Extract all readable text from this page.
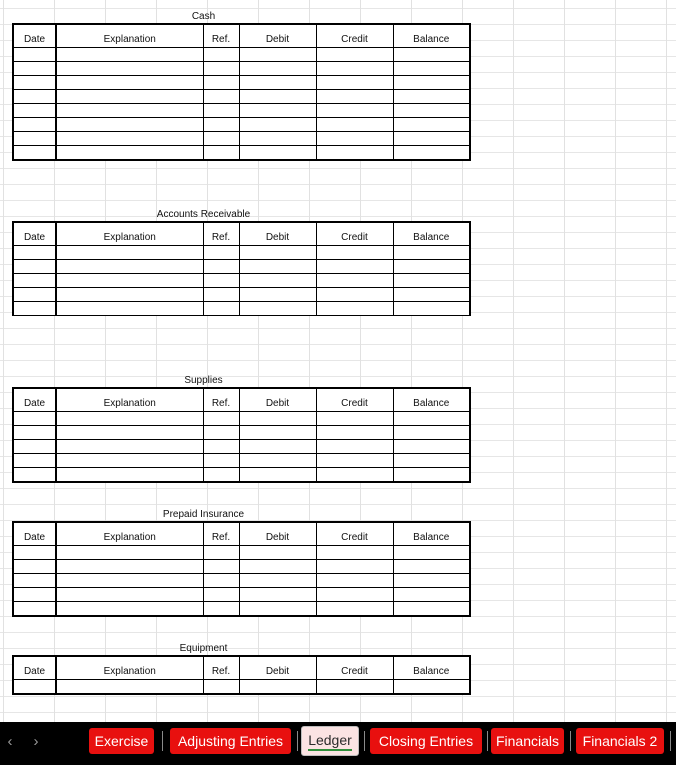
Cash
Date	Explanation	Ref.	Debit	Credit	Balance

Accounts Receivable
Date	Explanation	Ref.	Debit	Credit	Balance

Supplies
Date	Explanation	Ref.	Debit	Credit	Balance

Prepaid Insurance
Date	Explanation	Ref.	Debit	Credit	Balance

Equipment
Date	Explanation	Ref.	Debit	Credit	Balance

‹	›	Exercise	Adjusting Entries	Ledger	Closing Entries	Financials	Financials 2
